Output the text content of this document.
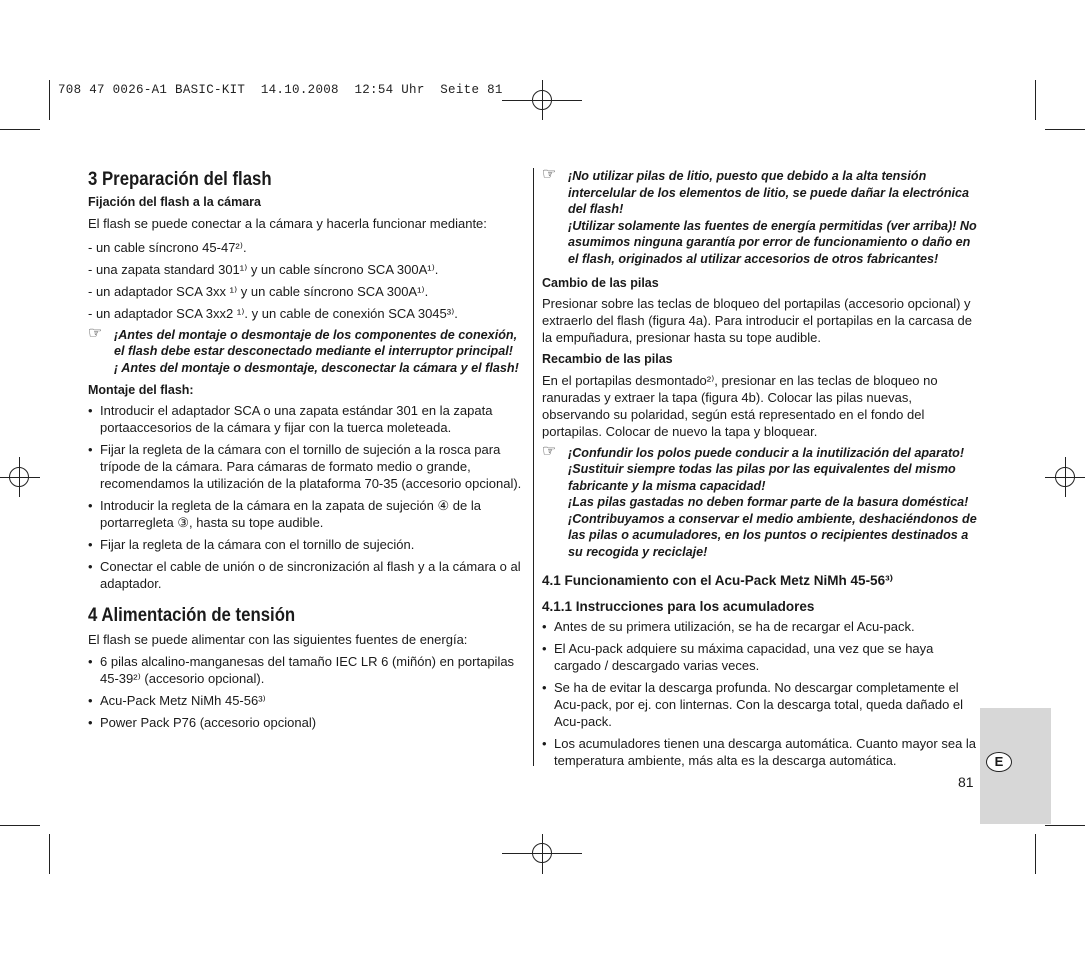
708 47 0026-A1 BASIC-KIT  14.10.2008  12:54 Uhr  Seite 81
3 Preparación del flash
Fijación del flash a la cámara

El flash se puede conectar a la cámara y hacerla funcionar mediante:

- un cable síncrono 45-47²⁾.
- una zapata standard 301¹⁾ y un cable síncrono SCA 300A¹⁾.
- un adaptador SCA 3xx ¹⁾ y un cable síncrono SCA 300A¹⁾.
- un adaptador SCA 3xx2 ¹⁾. y un cable de conexión SCA 3045³⁾.
☞ ¡Antes del montaje o desmontaje de los componentes de conexión, el flash debe estar desconectado mediante el interruptor principal!
¡ Antes del montaje o desmontaje, desconectar la cámara y el flash!
Montaje del flash:
• Introducir el adaptador SCA o una zapata estándar 301 en la zapata portaaccesorios de la cámara y fijar con la tuerca moleteada.
• Fijar la regleta de la cámara con el tornillo de sujeción a la rosca para trípode de la cámara. Para cámaras de formato medio o grande, recomendamos la utilización de la plataforma 70-35 (accesorio opcional).
• Introducir la regleta de la cámara en la zapata de sujeción ④ de la portarregleta ③, hasta su tope audible.
• Fijar la regleta de la cámara con el tornillo de sujeción.
• Conectar el cable de unión o de sincronización al flash y a la cámara o al adaptador.
4 Alimentación de tensión

El flash se puede alimentar con las siguientes fuentes de energía:

• 6 pilas alcalino-manganesas del tamaño IEC LR 6 (miñón) en portapilas 45-39²⁾ (accesorio opcional).
• Acu-Pack Metz NiMh 45-56³⁾
• Power Pack P76 (accesorio opcional)
☞ ¡No utilizar pilas de litio, puesto que debido a la alta tensión intercelular de los elementos de litio, se puede dañar la electrónica del flash!
¡Utilizar solamente las fuentes de energía permitidas (ver arriba)! No asumimos ninguna garantía por error de funcionamiento o daño en el flash, originados al utilizar accesorios de otros fabricantes!
Cambio de las pilas

Presionar sobre las teclas de bloqueo del portapilas (accesorio opcional) y extraerlo del flash (figura 4a). Para introducir el portapilas en la carcasa de la empuñadura, presionar hasta su tope audible.

Recambio de las pilas

En el portapilas desmontado²⁾, presionar en las teclas de bloqueo no ranuradas y extraer la tapa (figura 4b). Colocar las pilas nuevas, observando su polaridad, según está representado en el fondo del portapilas. Colocar de nuevo la tapa y bloquear.

☞ ¡Confundir los polos puede conducir a la inutilización del aparato!
¡Sustituir siempre todas las pilas por las equivalentes del mismo fabricante y la misma capacidad!
¡Las pilas gastadas no deben formar parte de la basura doméstica! ¡Contribuyamos a conservar el medio ambiente, deshaciéndonos de las pilas o acumuladores, en los puntos o recipientes destinados a su recogida y reciclaje!
4.1 Funcionamiento con el Acu-Pack Metz NiMh 45-56³⁾
4.1.1 Instrucciones para los acumuladores
• Antes de su primera utilización, se ha de recargar el Acu-pack.
• El Acu-pack adquiere su máxima capacidad, una vez que se haya cargado / descargado varias veces.
• Se ha de evitar la descarga profunda. No descargar completamente el Acu-pack, por ej. con linternas. Con la descarga total, queda dañado el Acu-pack.
• Los acumuladores tienen una descarga automática. Cuanto mayor sea la temperatura ambiente, más alta es la descarga automática.	E
81
